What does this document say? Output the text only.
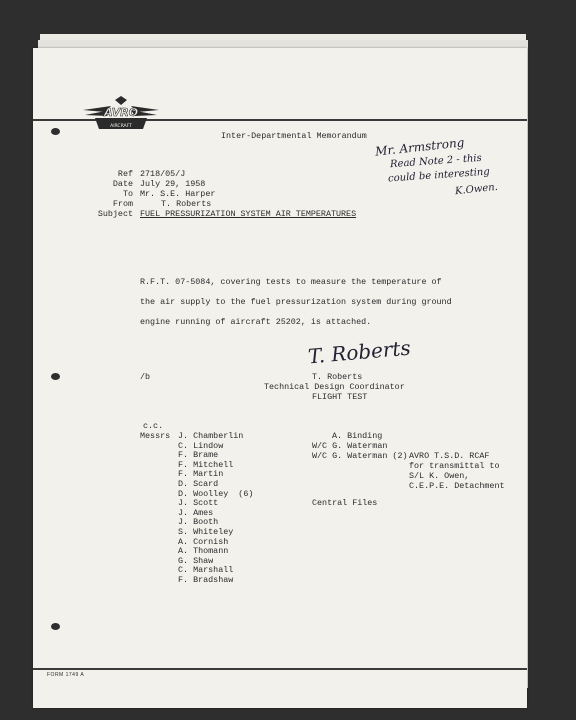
AVRO
AIRCRAFT
Inter-Departmental Memorandum Mr. Armstrong
Read Note 2 - this
could be interesting
K.Owen.
Ref 2718/05/J
Date July 29, 1958
To Mr. S.E. Harper
From	T. Roberts
Subject FUEL PRESSURIZATION SYSTEM AIR TEMPERATURES
R.F.T. 07-5084, covering tests to measure the temperature of
the air supply to the fuel pressurization system during ground
engine running of aircraft 25202, is attached.
T. Roberts
/b	T. Roberts
Technical Design Coordinator
FLIGHT TEST
c.c.
Messrs J. Chamberlin
C. Lindow
F. Brame
F. Mitchell
F. Martin
D. Scard
D. Woolley  (6)
J. Scott
J. Ames
J. Booth
S. Whiteley
A. Cornish
A. Thomann
G. Shaw
C. Marshall
F. Bradshaw
A. Binding
W/C G. Waterman
W/C G. Waterman (2)
Central Files
AVRO T.S.D. RCAF
for transmittal to
S/L K. Owen,
C.E.P.E. Detachment
FORM 1749 A
